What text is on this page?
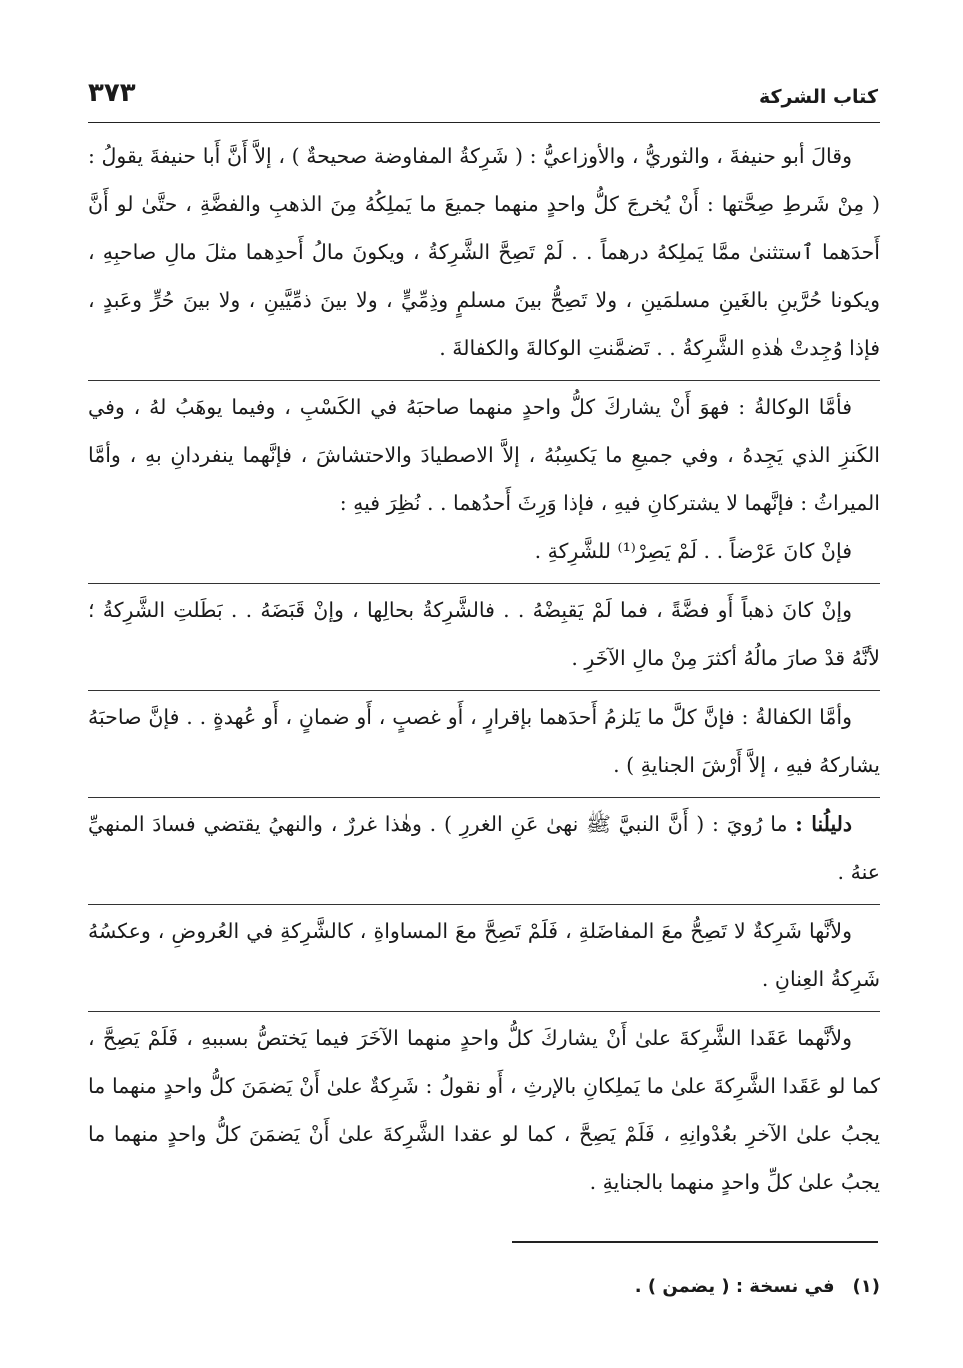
كتاب الشركة
٣٧٣

وقالَ أبو حنيفةَ ، والثوريُّ ، والأوزاعيُّ : ( شَرِكةُ المفاوضة صحيحةٌ ) ، إلاَّ أَنَّ أَبا حنيفةَ يقولُ : ( مِنْ شَرطِ صِحَّتها : أَنْ يُخرجَ كلُّ واحدٍ منهما جميعَ ما يَملِكُهُ مِنَ الذهبِ والفضَّةِ ، حتَّىٰ لو أَنَّ أَحدَهما ٱستثنىٰ ممَّا يَملِكهُ درهماً . . لَمْ تَصِحَّ الشَّرِكةُ ، ويكونَ مالُ أَحدِهما مثلَ مالِ صاحبِهِ ، ويكونا حُرَّينِ بالغَينِ مسلمَينِ ، ولا تَصِحُّ بينَ مسلمٍ وذِمِّيٍّ ، ولا بينَ ذمِّيَّينِ ، ولا بينَ حُرٍّ وعَبدٍ ، فإذا وُجِدتْ هٰذهِ الشَّرِكةُ . . تَضمَّنتِ الوكالةَ والكفالةَ .

فأمَّا الوكالةُ : فهوَ أَنْ يشاركَ كلُّ واحدٍ منهما صاحبَهُ في الكَسْبِ ، وفيما يوهَبُ لهُ ، وفي الكَنزِ الذي يَجِدهُ ، وفي جميعِ ما يَكسِبُهُ ، إلاَّ الاصطيادَ والاحتشاشَ ، فإنَّهما ينفردانِ بهِ ، وأمَّا الميراثُ : فإنَّهما لا يشتركانِ فيهِ ، فإذا وَرِثَ أَحدُهما . . نُظِرَ فيهِ :

فإنْ كانَ عَرْضاً . . لَمْ يَصِرْ⁽¹⁾ للشَّرِكةِ .

وإنْ كانَ ذهباً أَو فضَّةً ، فما لَمْ يَقبِضْهُ . . فالشَّرِكةُ بحالِها ، وإنْ قَبَضَهُ . . بَطَلتِ الشَّرِكةُ ؛ لأنَّهُ قدْ صارَ مالُهُ أكثرَ مِنْ مالِ الآخَرِ .

وأمَّا الكفالةُ : فإنَّ كلَّ ما يَلزمُ أَحدَهما بإقرارٍ ، أَو غصبٍ ، أَو ضمانٍ ، أَو عُهدةٍ . . فإنَّ صاحبَهُ يشاركهُ فيهِ ، إلاَّ أَرْشَ الجنايةِ ) .

دليلُنا : ما رُويَ : ( أَنَّ النبيَّ ﷺ نهىٰ عَنِ الغررِ ) . وهٰذا غررٌ ، والنهيُ يقتضي فسادَ المنهيِّ عنهُ .

ولأنَّها شَرِكةٌ لا تَصِحُّ معَ المفاضَلةِ ، فَلَمْ تَصِحَّ معَ المساواةِ ، كالشَّرِكةِ في العُروضِ ، وعكسُهُ شَرِكةُ العِنانِ .

ولأنَّهما عَقَدا الشَّرِكةَ علىٰ أَنْ يشاركَ كلُّ واحدٍ منهما الآخَرَ فيما يَختصُّ بسببهِ ، فَلَمْ يَصِحَّ ، كما لو عَقَدا الشَّرِكةَ علىٰ ما يَملِكانِ بالإرثِ ، أَو نقولُ : شَرِكةٌ علىٰ أَنْ يَضمَنَ كلُّ واحدٍ منهما ما يجبُ علىٰ الآخرِ بعُدْوانِهِ ، فَلَمْ يَصِحَّ ، كما لو عقدا الشَّرِكةَ علىٰ أَنْ يَضمَنَ كلُّ واحدٍ منهما ما يجبُ علىٰ كلِّ واحدٍ منهما بالجنايةِ .

(١)في نسخة : ( يضمن ) .
